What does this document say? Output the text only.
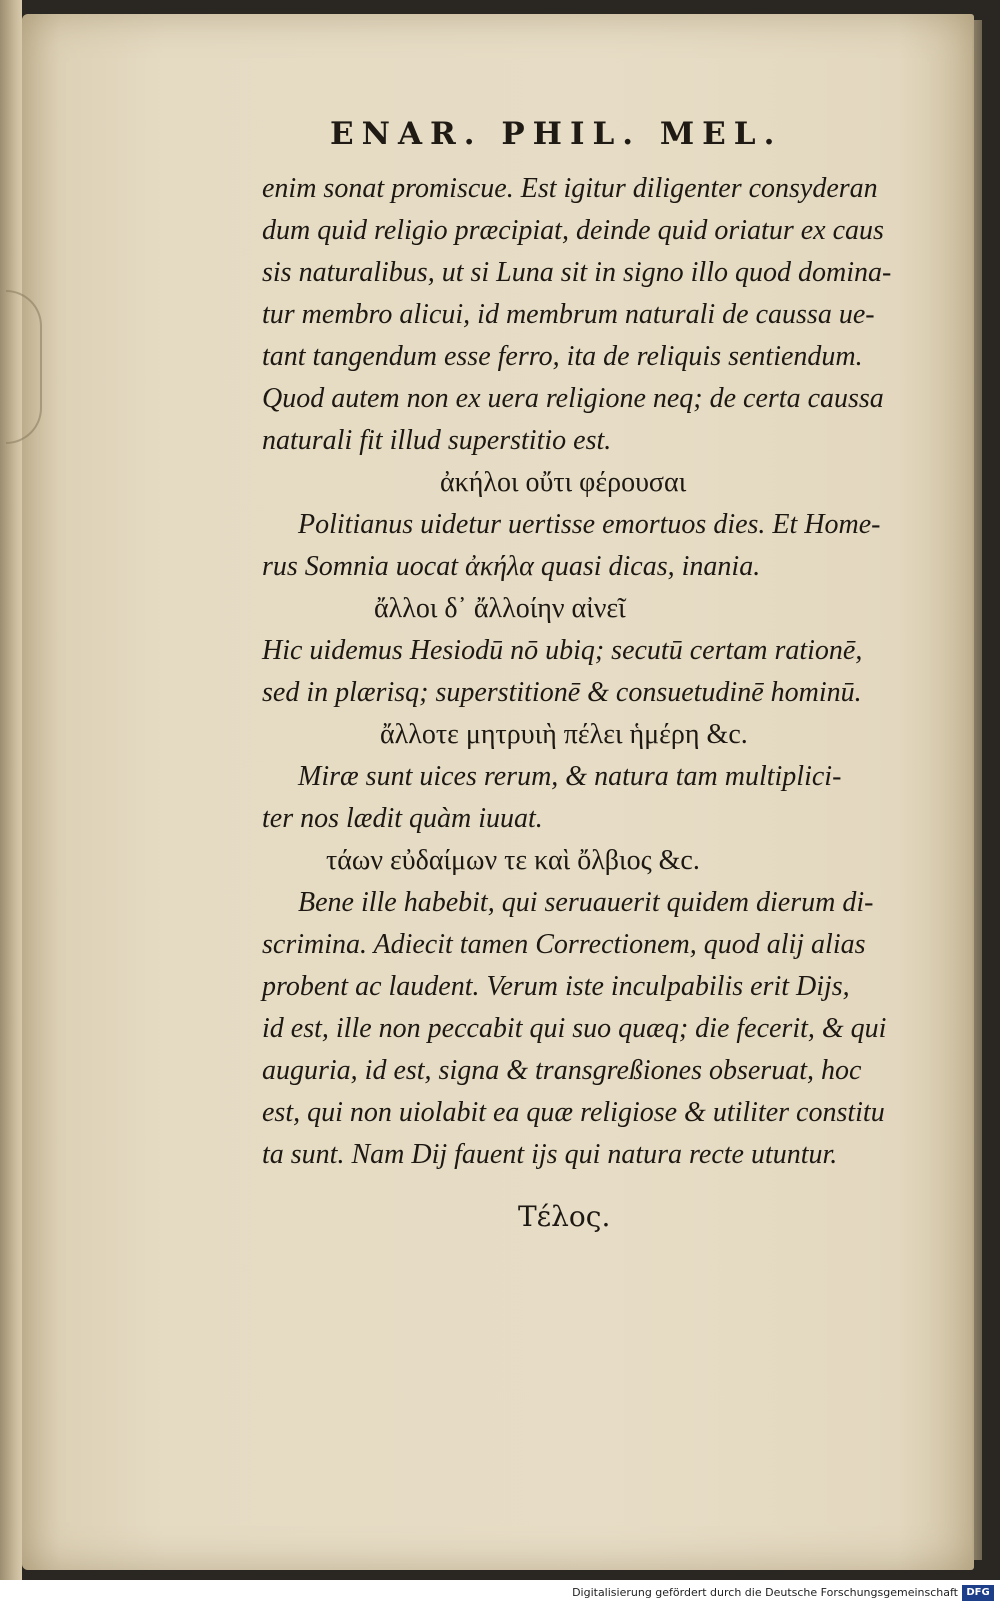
ENAR. PHIL. MEL.
enim sonat promiscue. Est igitur diligenter consyderan
dum quid religio præcipiat, deinde quid oriatur ex caus
sis naturalibus, ut si Luna sit in signo illo quod domina-
tur membro alicui, id membrum naturali de caussa ue-
tant tangendum esse ferro, ita de reliquis sentiendum.
Quod autem non ex uera religione neq; de certa caussa
naturali fit illud superstitio est.
ἀκήλοι οὔτι φέρουσαι
Politianus uidetur uertisse emortuos dies. Et Home-
rus Somnia uocat ἀκήλα quasi dicas, inania.
ἄλλοι δ᾽ ἄλλοίην αἰνεῖ
Hic uidemus Hesiodū nō ubiq; secutū certam rationē,
sed in plærisq; superstitionē & consuetudinē hominū.
ἄλλοτε μητρυιὴ πέλει ἡμέρη &c.
Miræ sunt uices rerum, & natura tam multiplici-
ter nos lædit quàm iuuat.
τάων εὐδαίμων τε καὶ ὄλβιος &c.
Bene ille habebit, qui seruauerit quidem dierum di-
scrimina. Adiecit tamen Correctionem, quod alij alias
probent ac laudent. Verum iste inculpabilis erit Dijs,
id est, ille non peccabit qui suo quæq; die fecerit, & qui
auguria, id est, signa & transgreßiones obseruat, hoc
est, qui non uiolabit ea quæ religiose & utiliter constitu
ta sunt. Nam Dij fauent ijs qui natura recte utuntur.
Τέλος.
Digitalisierung gefördert durch die Deutsche Forschungsgemeinschaft DFG
